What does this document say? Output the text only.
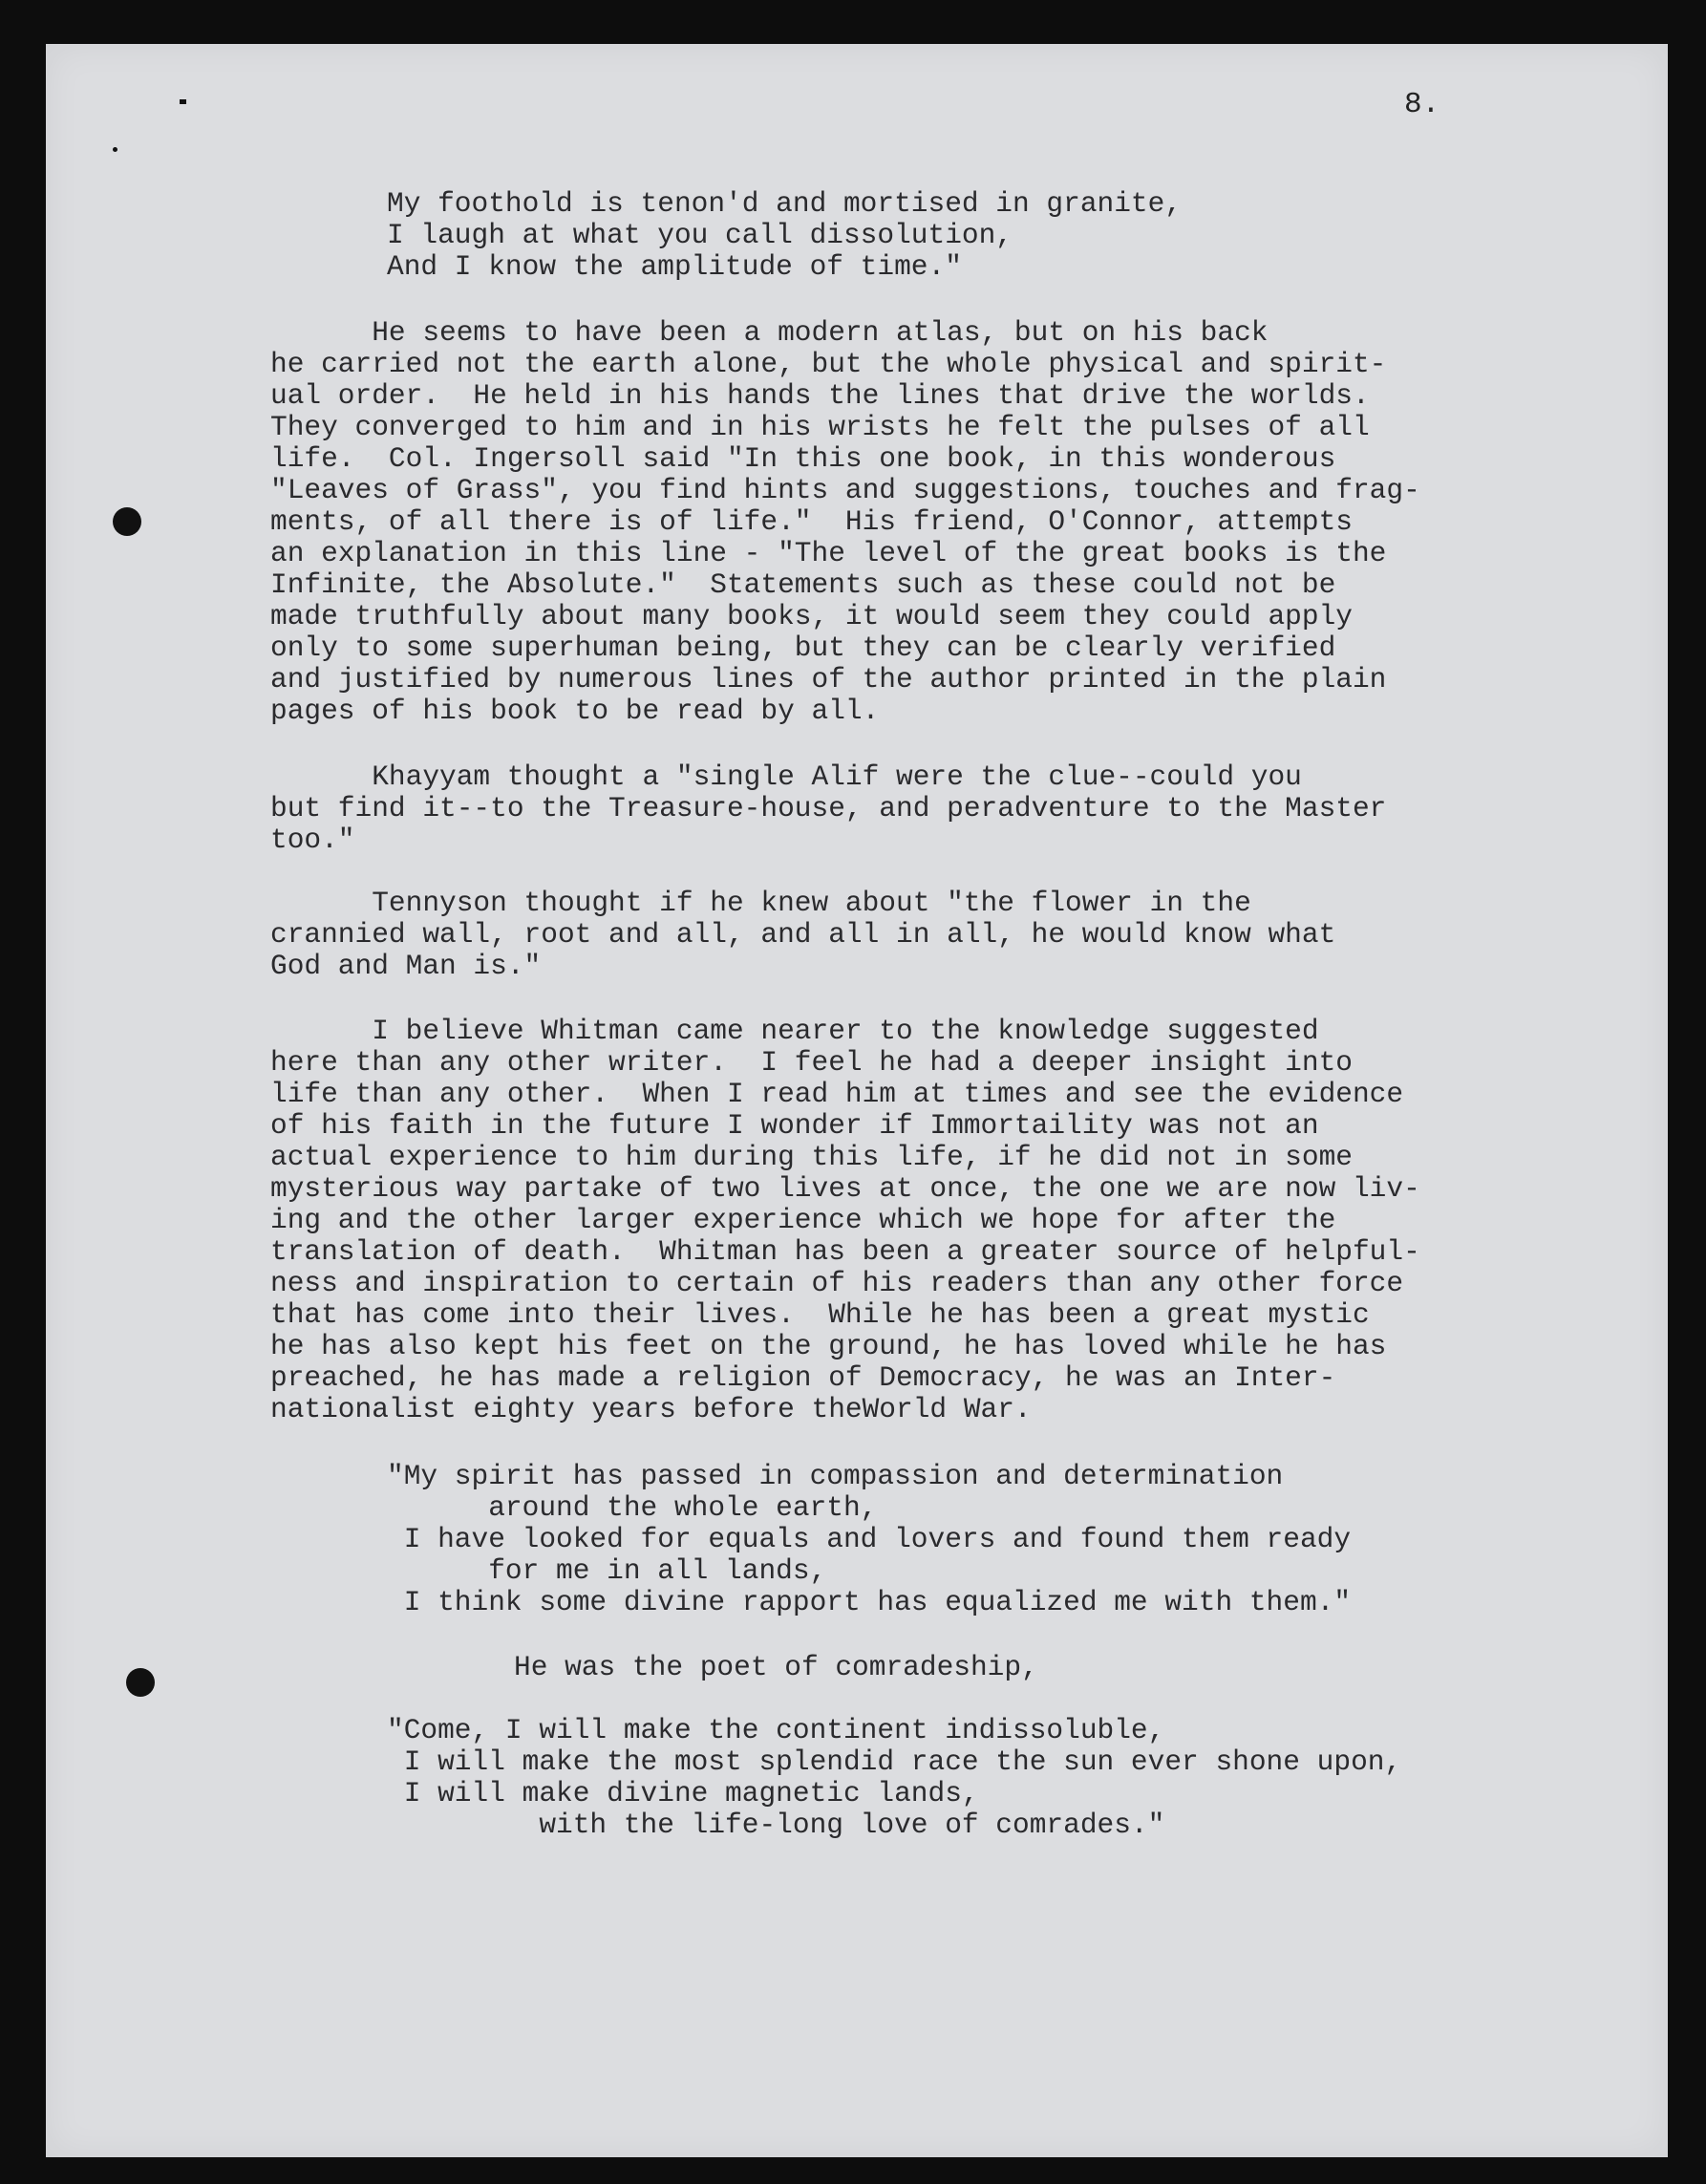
8.

My foothold is tenon'd and mortised in granite,

I laugh at what you call dissolution,

And I know the amplitude of time."

He seems to have been a modern atlas, but on his back

he carried not the earth alone, but the whole physical and spirit-

ual order.  He held in his hands the lines that drive the worlds.

They converged to him and in his wrists he felt the pulses of all

life.  Col. Ingersoll said "In this one book, in this wonderous

"Leaves of Grass", you find hints and suggestions, touches and frag-

ments, of all there is of life."  His friend, O'Connor, attempts

an explanation in this line - "The level of the great books is the

Infinite, the Absolute."  Statements such as these could not be

made truthfully about many books, it would seem they could apply

only to some superhuman being, but they can be clearly verified

and justified by numerous lines of the author printed in the plain

pages of his book to be read by all.

Khayyam thought a "single Alif were the clue--could you

but find it--to the Treasure-house, and peradventure to the Master

too."

Tennyson thought if he knew about "the flower in the

crannied wall, root and all, and all in all, he would know what

God and Man is."

I believe Whitman came nearer to the knowledge suggested

here than any other writer.  I feel he had a deeper insight into

life than any other.  When I read him at times and see the evidence

of his faith in the future I wonder if Immortaility was not an

actual experience to him during this life, if he did not in some

mysterious way partake of two lives at once, the one we are now liv-

ing and the other larger experience which we hope for after the

translation of death.  Whitman has been a greater source of helpful-

ness and inspiration to certain of his readers than any other force

that has come into their lives.  While he has been a great mystic

he has also kept his feet on the ground, he has loved while he has

preached, he has made a religion of Democracy, he was an Inter-

nationalist eighty years before theWorld War.

"My spirit has passed in compassion and determination

around the whole earth,

I have looked for equals and lovers and found them ready

for me in all lands,

I think some divine rapport has equalized me with them."

He was the poet of comradeship,

"Come, I will make the continent indissoluble,

I will make the most splendid race the sun ever shone upon,

I will make divine magnetic lands,

with the life-long love of comrades."
